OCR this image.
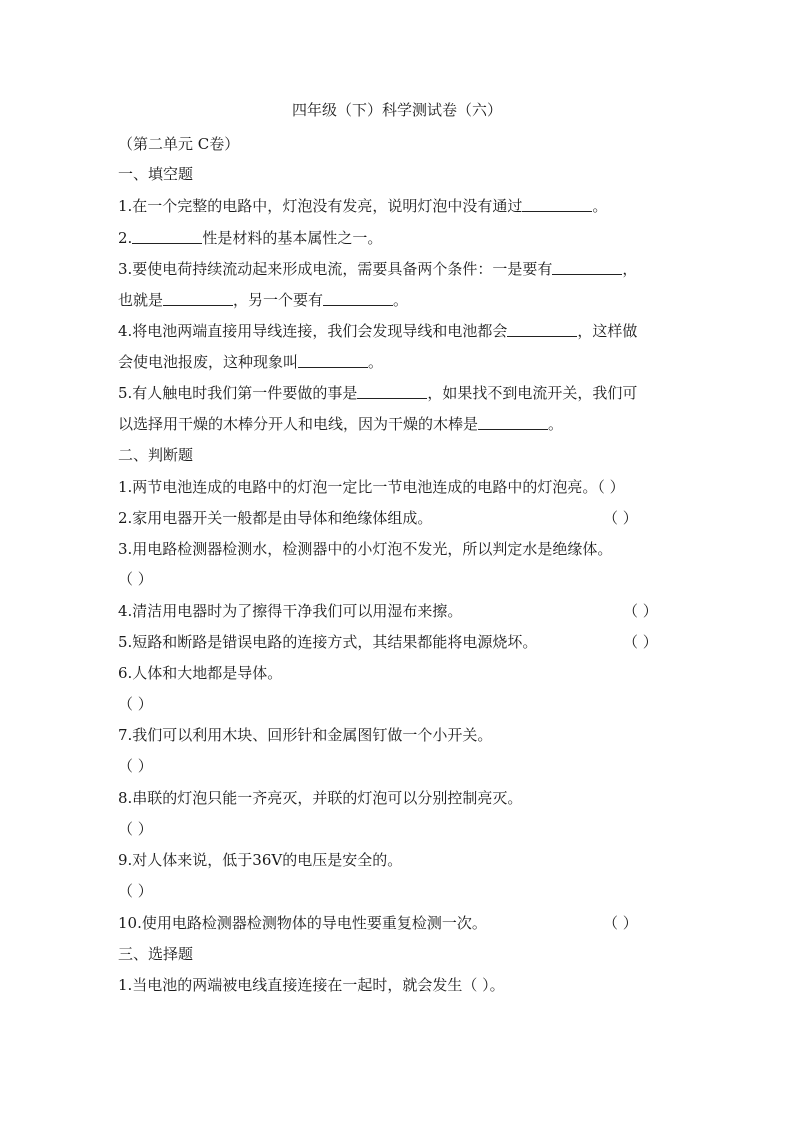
四年级（下）科学测试卷（六）
（第二单元 C卷）
一、填空题
1.在一个完整的电路中，灯泡没有发亮，说明灯泡中没有通过	。
2.	性是材料的基本属性之一。
3.要使电荷持续流动起来形成电流，需要具备两个条件：一是要有	，
也就是	，另一个要有	。
4.将电池两端直接用导线连接，我们会发现导线和电池都会	，这样做
会使电池报废，这种现象叫	。
5.有人触电时我们第一件要做的事是	，如果找不到电流开关，我们可
以选择用干燥的木棒分开人和电线，因为干燥的木棒是	。
二、判断题
1.两节电池连成的电路中的灯泡一定比一节电池连成的电路中的灯泡亮。（ ）
2.家用电器开关一般都是由导体和绝缘体组成。	（ ）
3.用电路检测器检测水，检测器中的小灯泡不发光，所以判定水是绝缘体。
（ ）
4.清洁用电器时为了擦得干净我们可以用湿布来擦。	（ ）
5.短路和断路是错误电路的连接方式，其结果都能将电源烧坏。	（ ）
6.人体和大地都是导体。
（ ）
7.我们可以利用木块、回形针和金属图钉做一个小开关。
（ ）
8.串联的灯泡只能一齐亮灭，并联的灯泡可以分别控制亮灭。
（ ）
9.对人体来说，低于36V的电压是安全的。
（ ）
10.使用电路检测器检测物体的导电性要重复检测一次。	（ ）
三、选择题
1.当电池的两端被电线直接连接在一起时，就会发生（ ）。
